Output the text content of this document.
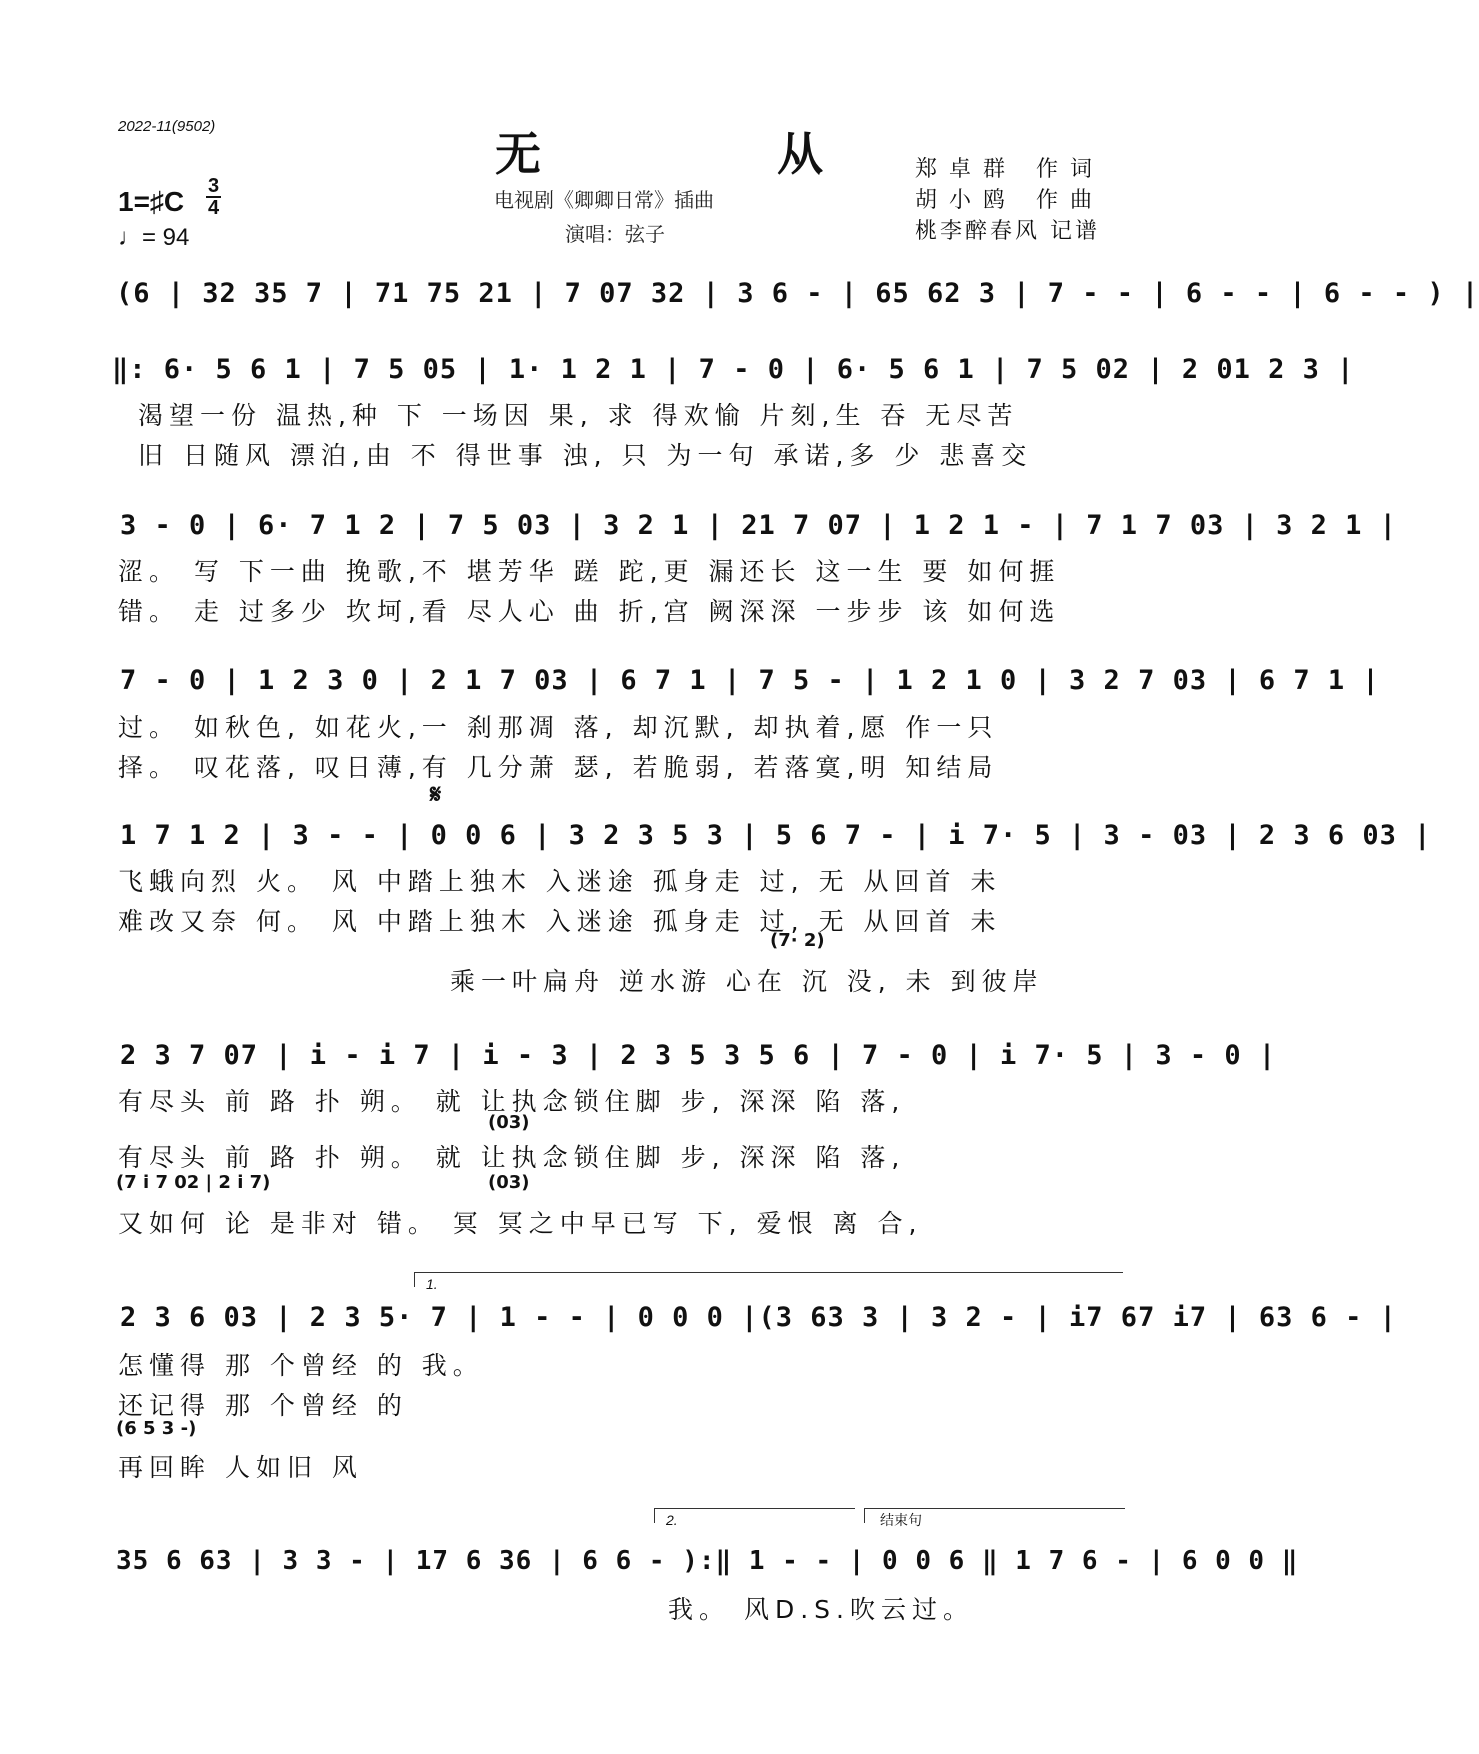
2022-11(9502)
无 从
电视剧《卿卿日常》插曲
演唱：弦子
郑卓群 作词
胡小鸥 作曲
桃李醉春风 记谱
1=♯C 3
4
♩= 94
(6 | 32 35 7 | 71 75 21 | 7 07 32 | 3 6 - | 65 62 3 | 7 - - | 6 - - | 6 - - ) |
‖: 6· 5 6 1 | 7 5 05 | 1· 1 2 1 | 7 - 0 | 6· 5 6 1 | 7 5 02 | 2 01 2 3 |
渴望一份 温热,种 下 一场因 果, 求 得欢愉 片刻,生 吞 无尽苦
旧 日随风 漂泊,由 不 得世事 浊, 只 为一句 承诺,多 少 悲喜交
3 - 0 | 6· 7 1 2 | 7 5 03 | 3 2 1 | 21 7 07 | 1 2 1 - | 7 1 7 03 | 3 2 1 |
涩。 写 下一曲 挽歌,不 堪芳华 蹉 跎,更 漏还长 这一生 要 如何捱
错。 走 过多少 坎坷,看 尽人心 曲 折,宫 阙深深 一步步 该 如何选
7 - 0 | 1 2 3 0 | 2 1 7 03 | 6 7 1 | 7 5 - | 1 2 1 0 | 3 2 7 03 | 6 7 1 |
过。 如秋色, 如花火,一 刹那凋 落, 却沉默, 却执着,愿 作一只
择。 叹花落, 叹日薄,有 几分萧 瑟, 若脆弱, 若落寞,明 知结局
𝄋
1 7 1 2 | 3 - - | 0 0 6 | 3 2 3 5 3 | 5 6 7 - | i 7· 5 | 3 - 03 | 2 3 6 03 |
飞蛾向烈 火。 风 中踏上独木 入迷途 孤身走 过, 无 从回首 未
难改又奈 何。 风 中踏上独木 入迷途 孤身走 过, 无 从回首 未
(7· 2)
乘一叶扁舟 逆水游 心在 沉 没, 未 到彼岸
2 3 7 07 | i - i 7 | i - 3 | 2 3 5 3 5 6 | 7 - 0 | i 7· 5 | 3 - 0 |
有尽头 前 路 扑 朔。 就 让执念锁住脚 步, 深深 陷 落,
(03)
有尽头 前 路 扑 朔。 就 让执念锁住脚 步, 深深 陷 落,
(7 i 7 02 | 2 i 7)	(03)
又如何 论 是非对 错。 冥 冥之中早已写 下, 爱恨 离 合,
1.
2 3 6 03 | 2 3 5· 7 | 1 - - | 0 0 0 |(3 63 3 | 3 2 - | i7 67 i7 | 63 6 - |
怎懂得 那 个曾经 的 我。
还记得 那 个曾经 的
(6 5 3 -)
再回眸 人如旧 风
2.	结束句
35 6 63 | 3 3 - | 17 6 36 | 6 6 - ):‖ 1 - - | 0 0 6 ‖ 1 7 6 - | 6 0 0 ‖
我。 风D.S.吹云过。
